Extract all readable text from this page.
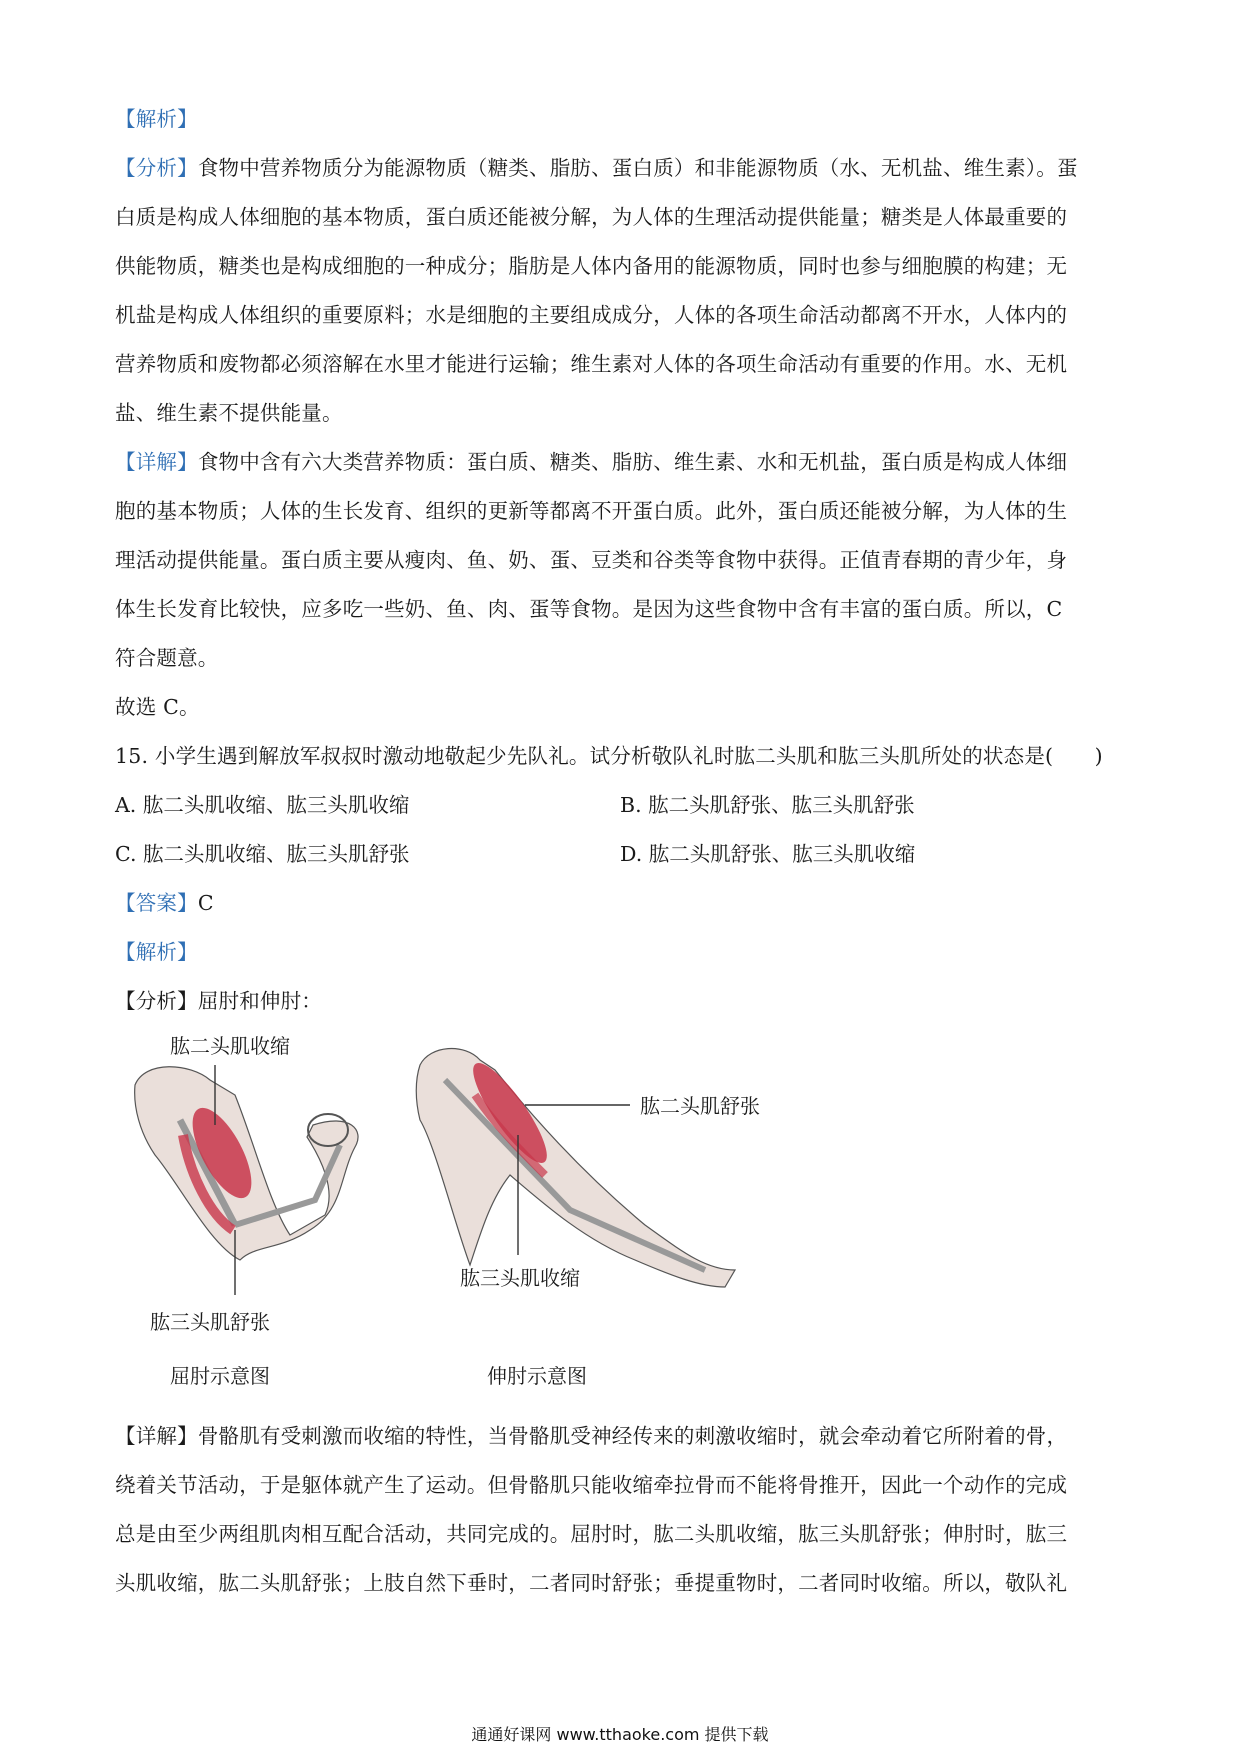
【解析】
【分析】食物中营养物质分为能源物质（糖类、脂肪、蛋白质）和非能源物质（水、无机盐、维生素）。蛋
白质是构成人体细胞的基本物质，蛋白质还能被分解，为人体的生理活动提供能量；糖类是人体最重要的
供能物质，糖类也是构成细胞的一种成分；脂肪是人体内备用的能源物质，同时也参与细胞膜的构建；无
机盐是构成人体组织的重要原料；水是细胞的主要组成成分，人体的各项生命活动都离不开水，人体内的
营养物质和废物都必须溶解在水里才能进行运输；维生素对人体的各项生命活动有重要的作用。水、无机
盐、维生素不提供能量。
【详解】食物中含有六大类营养物质：蛋白质、糖类、脂肪、维生素、水和无机盐，蛋白质是构成人体细
胞的基本物质；人体的生长发育、组织的更新等都离不开蛋白质。此外，蛋白质还能被分解，为人体的生
理活动提供能量。蛋白质主要从瘦肉、鱼、奶、蛋、豆类和谷类等食物中获得。正值青春期的青少年，身
体生长发育比较快，应多吃一些奶、鱼、肉、蛋等食物。是因为这些食物中含有丰富的蛋白质。所以，C
符合题意。
故选 C。
15. 小学生遇到解放军叔叔时激动地敬起少先队礼。试分析敬队礼时肱二头肌和肱三头肌所处的状态是(　　)
A. 肱二头肌收缩、肱三头肌收缩	B. 肱二头肌舒张、肱三头肌舒张
C. 肱二头肌收缩、肱三头肌舒张	D. 肱二头肌舒张、肱三头肌收缩
【答案】C
【解析】
【分析】屈肘和伸肘：
肱二头肌收缩
肱三头肌舒张
屈肘示意图
肱二头肌舒张
肱三头肌收缩
伸肘示意图
【详解】骨骼肌有受刺激而收缩的特性，当骨骼肌受神经传来的刺激收缩时，就会牵动着它所附着的骨，
绕着关节活动，于是躯体就产生了运动。但骨骼肌只能收缩牵拉骨而不能将骨推开，因此一个动作的完成
总是由至少两组肌肉相互配合活动，共同完成的。屈肘时，肱二头肌收缩，肱三头肌舒张；伸肘时，肱三
头肌收缩，肱二头肌舒张；上肢自然下垂时，二者同时舒张；垂提重物时，二者同时收缩。所以，敬队礼
通通好课网 www.tthaoke.com 提供下载
